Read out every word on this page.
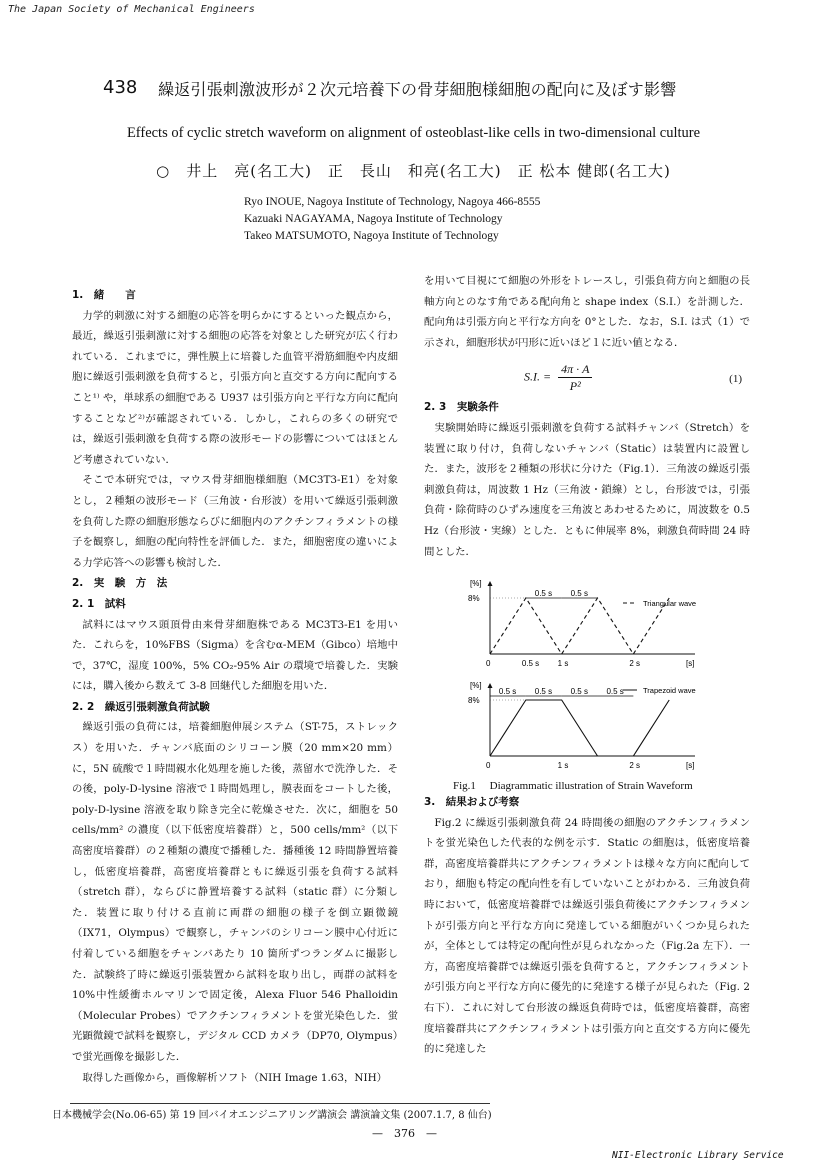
The Japan Society of Mechanical Engineers
438 繰返引張刺激波形が２次元培養下の骨芽細胞様細胞の配向に及ぼす影響
Effects of cyclic stretch waveform on alignment of osteoblast-like cells in two-dimensional culture
○　井上　亮(名工大)　正　長山　和亮(名工大)　正 松本 健郎(名工大)
Ryo INOUE, Nagoya Institute of Technology, Nagoya 466-8555
Kazuaki NAGAYAMA, Nagoya Institute of Technology
Takeo MATSUMOTO, Nagoya Institute of Technology

1.　緒　　言

力学的刺激に対する細胞の応答を明らかにするといった観点から，最近，繰返引張刺激に対する細胞の応答を対象とした研究が広く行われている．これまでに，弾性膜上に培養した血管平滑筋細胞や内皮細胞に繰返引張刺激を負荷すると，引張方向と直交する方向に配向すること¹⁾ や，単球系の細胞である U937 は引張方向と平行な方向に配向することなど²⁾が確認されている．しかし，これらの多くの研究では，繰返引張刺激を負荷する際の波形モードの影響についてはほとんど考慮されていない．

そこで本研究では，マウス骨芽細胞様細胞（MC3T3-E1）を対象とし，２種類の波形モード（三角波・台形波）を用いて繰返引張刺激を負荷した際の細胞形態ならびに細胞内のアクチンフィラメントの様子を観察し，細胞の配向特性を評価した．また，細胞密度の違いによる力学応答への影響も検討した．

2.　実　験　方　法

2. 1　試料

試料にはマウス頭頂骨由来骨芽細胞株である MC3T3-E1 を用いた．これらを，10%FBS（Sigma）を含むα-MEM（Gibco）培地中で，37℃，湿度 100%，5% CO₂-95% Air の環境で培養した．実験には，購入後から数えて 3-8 回継代した細胞を用いた．

2. 2　繰返引張刺激負荷試験

繰返引張の負荷には，培養細胞伸展システム（ST-75，ストレックス）を用いた．チャンバ底面のシリコーン膜（20 mm×20 mm）に，5N 硫酸で１時間親水化処理を施した後，蒸留水で洗浄した．その後，poly-D-lysine 溶液で１時間処理し，膜表面をコートした後，poly-D-lysine 溶液を取り除き完全に乾燥させた．次に，細胞を 50 cells/mm² の濃度（以下低密度培養群）と，500 cells/mm²（以下高密度培養群）の２種類の濃度で播種した．播種後 12 時間静置培養し，低密度培養群，高密度培養群ともに繰返引張を負荷する試料（stretch 群），ならびに静置培養する試料（static 群）に分類した．装置に取り付ける直前に両群の細胞の様子を倒立顕微鏡（IX71，Olympus）で観察し，チャンバのシリコーン膜中心付近に付着している細胞をチャンバあたり 10 箇所ずつランダムに撮影した．試験終了時に繰返引張装置から試料を取り出し，両群の試料を 10%中性緩衝ホルマリンで固定後，Alexa Fluor 546 Phalloidin（Molecular Probes）でアクチンフィラメントを蛍光染色した．蛍光顕微鏡で試料を観察し，デジタル CCD カメラ（DP70, Olympus）で蛍光画像を撮影した．

取得した画像から，画像解析ソフト（NIH Image 1.63，NIH）

を用いて目視にて細胞の外形をトレースし，引張負荷方向と細胞の長軸方向とのなす角である配向角と shape index（S.I.）を計測した．配向角は引張方向と平行な方向を 0°とした．なお，S.I. は式（1）で示され，細胞形状が円形に近いほど１に近い値となる．

S.I. = $\frac{4\pi \cdot A}{\text{P²}}$	(1)

2. 3　実験条件

実験開始時に繰返引張刺激を負荷する試料チャンバ（Stretch）を装置に取り付け，負荷しないチャンバ（Static）は装置内に設置した．また，波形を２種類の形状に分けた（Fig.1）．三角波の繰返引張刺激負荷は，周波数 1 Hz（三角波・鎖線）とし，台形波では，引張負荷・除荷時のひずみ速度を三角波とあわせるために，周波数を 0.5 Hz（台形波・実線）とした．ともに伸展率 8%，刺激負荷時間 24 時間とした．

[%]
[s]
8%
0	0.5 s 1 s	2 s
0.5 s 0.5 s
Triangular wave
[%]
[s]
8%
0	1 s	2 s
0.5 s 0.5 s 0.5 s 0.5 s	Trapezoid wave
Fig.1　 Diagrammatic illustration of Strain Waveform

3.　結果および考察

Fig.2 に繰返引張刺激負荷 24 時間後の細胞のアクチンフィラメントを蛍光染色した代表的な例を示す．Static の細胞は，低密度培養群，高密度培養群共にアクチンフィラメントは様々な方向に配向しており，細胞も特定の配向性を有していないことがわかる．三角波負荷時において，低密度培養群では繰返引張負荷後にアクチンフィラメントが引張方向と平行な方向に発達している細胞がいくつか見られたが，全体としては特定の配向性が見られなかった（Fig.2a 左下）．一方，高密度培養群では繰返引張を負荷すると，アクチンフィラメントが引張方向と平行な方向に優先的に発達する様子が見られた（Fig. 2 右下）．これに対して台形波の繰返負荷時では，低密度培養群，高密度培養群共にアクチンフィラメントは引張方向と直交する方向に優先的に発達した

日本機械学会(No.06-65) 第 19 回バイオエンジニアリング講演会 講演論文集 (2007.1.7, 8 仙台)
—　376　—
NII-Electronic Library Service
